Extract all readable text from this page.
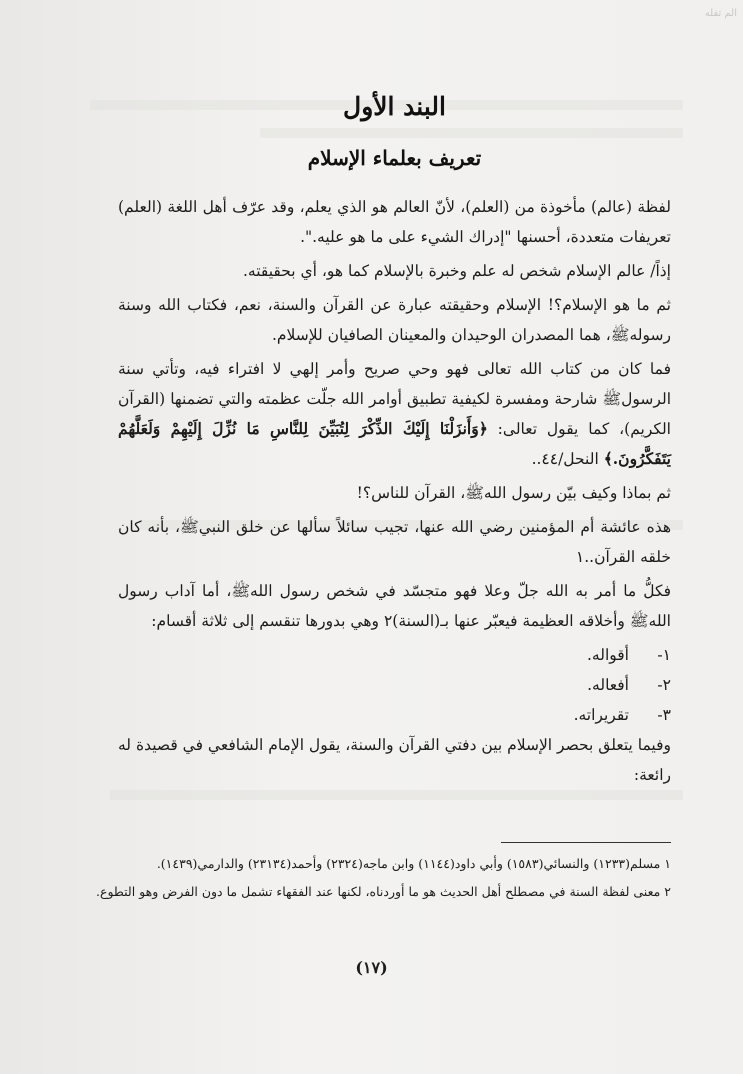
الم تفله
البند الأول
تعريف بعلماء الإسلام

لفظة (عالم) مأخوذة من (العلم)، لأنّ العالم هو الذي يعلم، وقد عرّف أهل اللغة (العلم) تعريفات متعددة، أحسنها "إدراك الشيء على ما هو عليه.".

إذاً/ عالم الإسلام شخص له علم وخبرة بالإسلام كما هو، أي بحقيقته.

ثم ما هو الإسلام؟! الإسلام وحقيقته عبارة عن القرآن والسنة، نعم، فكتاب الله وسنة رسولهﷺ، هما المصدران الوحيدان والمعينان الصافيان للإسلام.

فما كان من كتاب الله تعالى فهو وحي صريح وأمر إلهي لا افتراء فيه، وتأتي سنة الرسولﷺ شارحة ومفسرة لكيفية تطبيق أوامر الله جلّت عظمته والتي تضمنها (القرآن الكريم)، كما يقول تعالى: ﴿وَأَنزَلْنَا إِلَيْكَ الذِّكْرَ لِتُبَيِّنَ لِلنَّاسِ مَا نُزِّلَ إِلَيْهِمْ وَلَعَلَّهُمْ يَتَفَكَّرُونَ.﴾ النحل/٤٤..

ثم بماذا وكيف بيّن رسول اللهﷺ، القرآن للناس؟!

هذه عائشة أم المؤمنين رضي الله عنها، تجيب سائلاً سألها عن خلق النبيﷺ، بأنه كان خلقه القرآن..١

فكلُّ ما أمر به الله جلّ وعلا فهو متجسّد في شخص رسول اللهﷺ، أما آداب رسول اللهﷺ وأخلاقه العظيمة فيعبّر عنها بـ(السنة)٢ وهي بدورها تنقسم إلى ثلاثة أقسام:

١-
أقواله.
٢-
أفعاله.
٣-
تقريراته.

وفيما يتعلق بحصر الإسلام بين دفتي القرآن والسنة، يقول الإمام الشافعي في قصيدة له رائعة:

١ مسلم(١٢٣٣) والنسائي(١٥٨٣) وأبي داود(١١٤٤) وابن ماجه(٢٣٢٤) وأحمد(٢٣١٣٤) والدارمي(١٤٣٩).

٢ معنى لفظة السنة في مصطلح أهل الحديث هو ما أوردناه، لكنها عند الفقهاء تشمل ما دون الفرض وهو التطوع.

(١٧)
